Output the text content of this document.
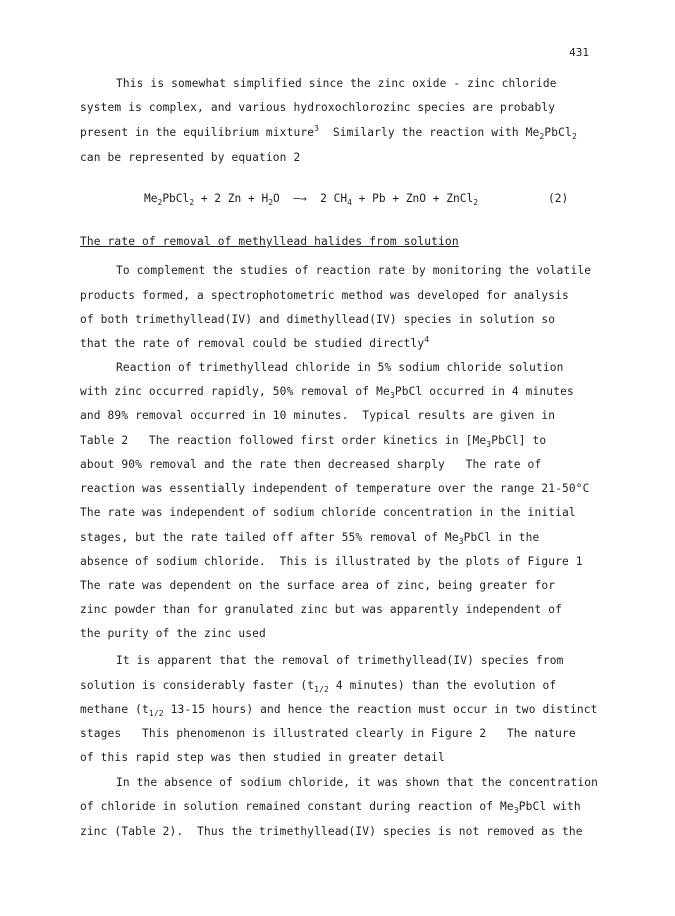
431
This is somewhat simplified since the zinc oxide - zinc chloride
system is complex, and various hydroxochlorozinc species are probably
present in the equilibrium mixture$^3$  Similarly the reaction with $Me_2PbCl_2$
can be represented by equation 2
$Me_2PbCl_2 + 2$ $Zn + H_2O$  —→  2 $CH_4 + Pb$ + ZnO + ZnCl$_2$	(2)
The rate of removal of methyllead halides from solution
To complement the studies of reaction rate by monitoring the volatile
products formed, a spectrophotometric method was developed for analysis
of both trimethyllead(IV) and dimethyllead(IV) species in solution so
that the rate of removal could be studied directly$^4$
Reaction of trimethyllead chloride in 5% sodium chloride solution
with zinc occurred rapidly, 50% removal of $Me_3PbCl$ occurred in 4 minutes
and 89% removal occurred in 10 minutes.  Typical results are given in
Table 2   The reaction followed first order kinetics in $[Me_3PbCl]$ to
about 90% removal and the rate then decreased sharply   The rate of
reaction was essentially independent of temperature over the range 21-50°C
The rate was independent of sodium chloride concentration in the initial
stages, but the rate tailed off after 55% removal of $Me_3PbCl$ in the
absence of sodium chloride.  This is illustrated by the plots of Figure 1
The rate was dependent on the surface area of zinc, being greater for
zinc powder than for granulated zinc but was apparently independent of
the purity of the zinc used
It is apparent that the removal of trimethyllead(IV) species from
solution is considerably faster ($t_{1/2}$ 4 minutes) than the evolution of
methane ($t_{1/2}$ 13-15 hours) and hence the reaction must occur in two distinct
stages   This phenomenon is illustrated clearly in Figure 2   The nature
of this rapid step was then studied in greater detail
In the absence of sodium chloride, it was shown that the concentration
of chloride in solution remained constant during reaction of $Me_3PbCl$ with
zinc (Table 2).  Thus the trimethyllead(IV) species is not removed as the
